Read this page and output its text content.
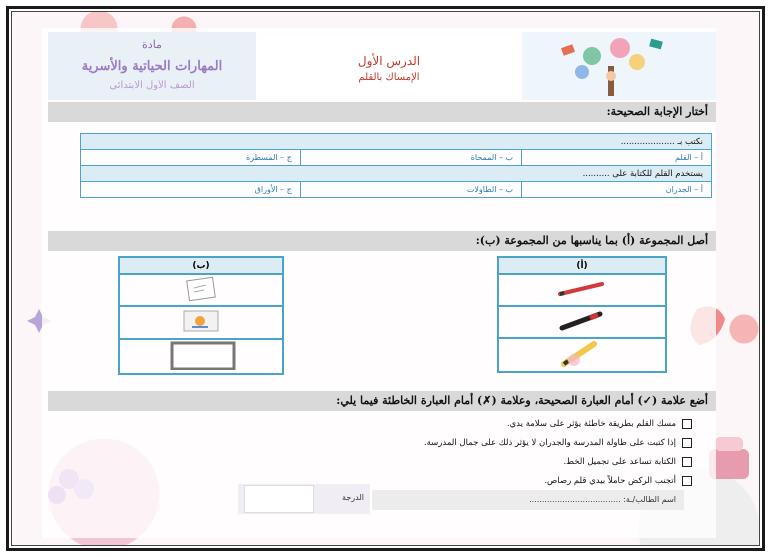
مادة
المهارات الحياتية والأسرية
الصف الأول الابتدائي
الدرس الأول
الإمساك بالقلم
أختار الإجابة الصحيحة:
نكتب بـ ....................		
أ – القلم	ب – الممحاة	ج – المسطرة
يستخدم القلم للكتابة على ..........		
أ – الجدران	ب – الطاولات	ج – الأوراق
أصل المجموعة (أ) بما يناسبها من المجموعة (ب):
(ب)	(أ)

أضع علامة (✓) أمام العبارة الصحيحة، وعلامة (✗) أمام العبارة الخاطئة فيما يلي:
مسك القلم بطريقة خاطئة يؤثر على سلامة يدي.
إذا كتبت على طاولة المدرسة والجدران لا يؤثر ذلك على جمال المدرسة.
الكتابة تساعد على تجميل الخط.
أتجنب الركض حاملاً بيدي قلم رصاص.
الدرجة	اسم الطالب/ـة: ....................................
